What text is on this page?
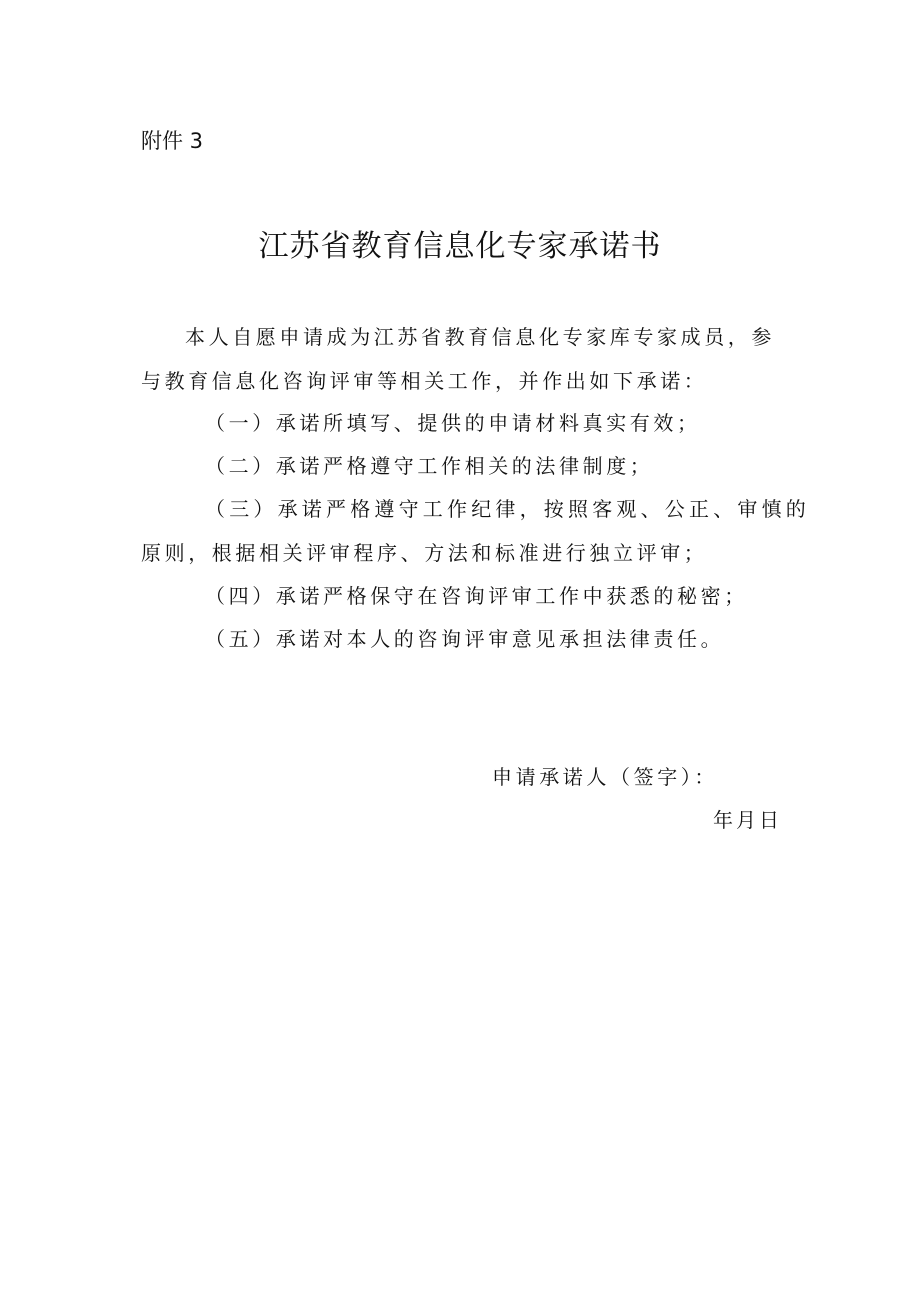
附件 3
江苏省教育信息化专家承诺书
本人自愿申请成为江苏省教育信息化专家库专家成员，参
与教育信息化咨询评审等相关工作，并作出如下承诺：
（一）承诺所填写、提供的申请材料真实有效；
（二）承诺严格遵守工作相关的法律制度；
（三）承诺严格遵守工作纪律，按照客观、公正、审慎的
原则，根据相关评审程序、方法和标准进行独立评审；
（四）承诺严格保守在咨询评审工作中获悉的秘密；
（五）承诺对本人的咨询评审意见承担法律责任。
申请承诺人（签字）：
年月日
